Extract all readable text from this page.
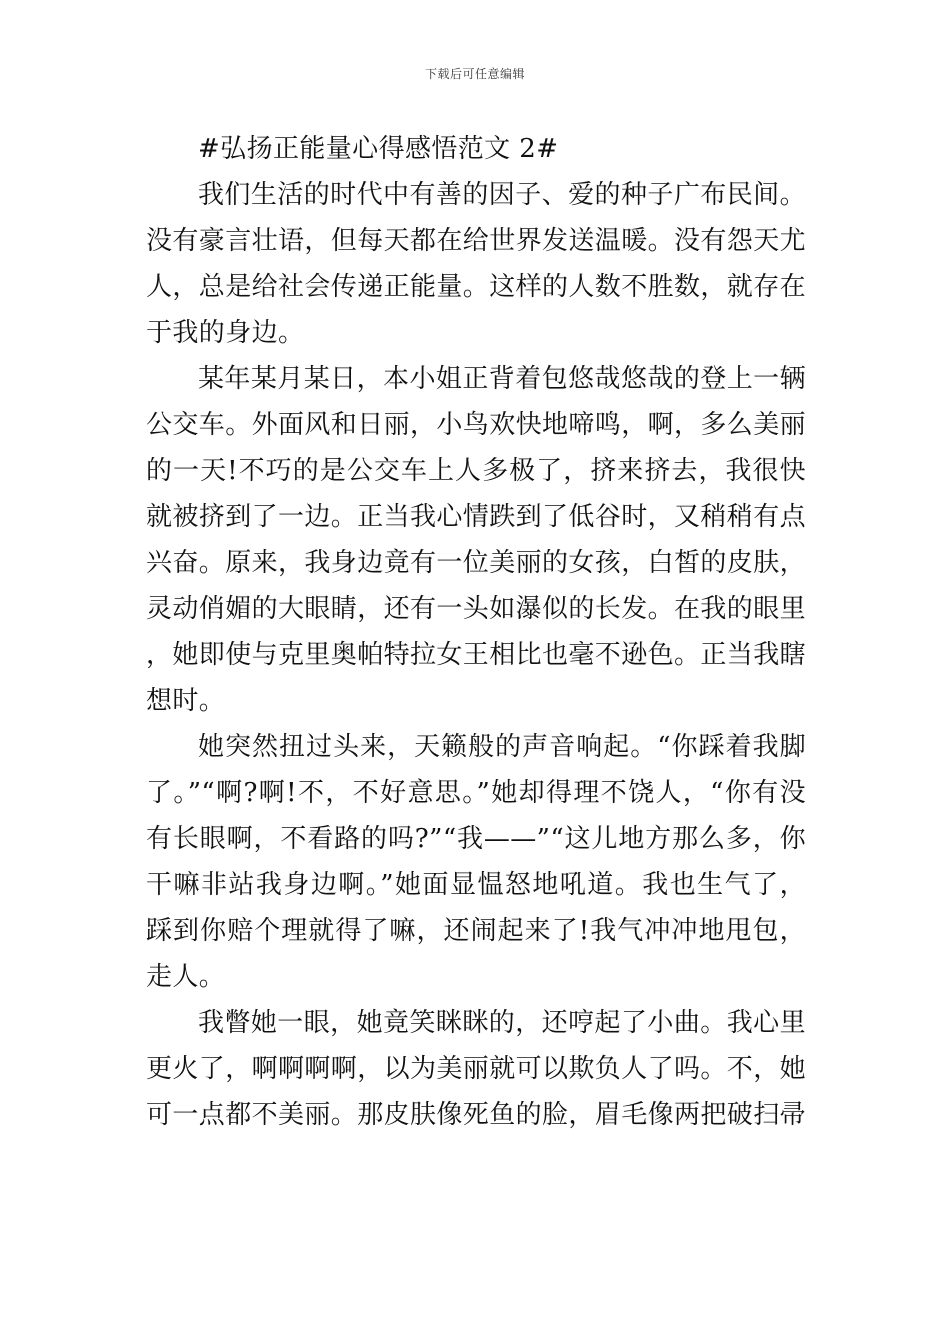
下载后可任意编辑

#弘扬正能量心得感悟范文 2#

我们生活的时代中有善的因子、爱的种子广布民间。没有豪言壮语，但每天都在给世界发送温暖。没有怨天尤人，总是给社会传递正能量。这样的人数不胜数，就存在于我的身边。

某年某月某日，本小姐正背着包悠哉悠哉的登上一辆公交车。外面风和日丽，小鸟欢快地啼鸣，啊，多么美丽的一天!不巧的是公交车上人多极了，挤来挤去，我很快就被挤到了一边。正当我心情跌到了低谷时，又稍稍有点兴奋。原来，我身边竟有一位美丽的女孩，白皙的皮肤，灵动俏媚的大眼睛，还有一头如瀑似的长发。在我的眼里，她即使与克里奥帕特拉女王相比也毫不逊色。正当我瞎想时。

她突然扭过头来，天籁般的声音响起。“你踩着我脚了。”“啊?啊!不，不好意思。”她却得理不饶人，“你有没有长眼啊，不看路的吗?”“我——”“这儿地方那么多，你干嘛非站我身边啊。”她面显愠怒地吼道。我也生气了，踩到你赔个理就得了嘛，还闹起来了!我气冲冲地甩包，走人。

我瞥她一眼，她竟笑眯眯的，还哼起了小曲。我心里更火了，啊啊啊啊，以为美丽就可以欺负人了吗。不，她可一点都不美丽。那皮肤像死鱼的脸，眉毛像两把破扫帚
